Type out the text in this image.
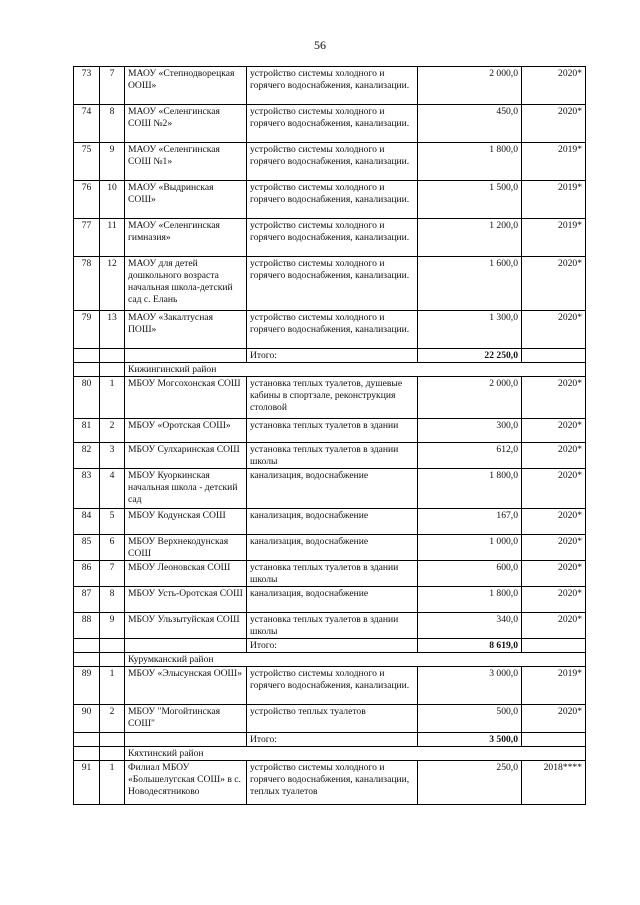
56
73	7	МАОУ «Степнодворецкая ООШ»	устройство системы холодного и горячего водоснабжения, канализации.	2 000,0	2020*
74	8	МАОУ «Селенгинская СОШ №2»	устройство системы холодного и горячего водоснабжения, канализации.	450,0	2020*
75	9	МАОУ «Селенгинская СОШ №1»	устройство системы холодного и горячего водоснабжения, канализации.	1 800,0	2019*
76	10	МАОУ «Выдринская СОШ»	устройство системы холодного и горячего водоснабжения, канализации.	1 500,0	2019*
77	11	МАОУ «Селенгинская гимназия»	устройство системы холодного и горячего водоснабжения, канализации.	1 200,0	2019*
78	12	МАОУ для детей дошкольного возраста начальная школа-детский сад с. Елань	устройство системы холодного и горячего водоснабжения, канализации.	1 600,0	2020*
79	13	МАОУ «Закалтусная ПОШ»	устройство системы холодного и горячего водоснабжения, канализации.	1 300,0	2020*
			Итого:	22 250,0	
		Кижингинский район			
80	1	МБОУ Могсохонская СОШ	установка теплых туалетов, душевые кабины в спортзале, реконструкция столовой	2 000,0	2020*
81	2	МБОУ «Оротская СОШ»	установка теплых туалетов в здании	300,0	2020*
82	3	МБОУ Сулхаринская СОШ	установка теплых туалетов в здании школы	612,0	2020*
83	4	МБОУ Куоркинская начальная школа - детский сад	канализация, водоснабжение	1 800,0	2020*
84	5	МБОУ Кодунская СОШ	канализация, водоснабжение	167,0	2020*
85	6	МБОУ Верхнекодунская СОШ	канализация, водоснабжение	1 000,0	2020*
86	7	МБОУ Леоновская СОШ	установка теплых туалетов в здании школы	600,0	2020*
87	8	МБОУ Усть-Оротская СОШ	канализация, водоснабжение	1 800,0	2020*
88	9	МБОУ Ульзытуйская СОШ	установка теплых туалетов в здании школы	340,0	2020*
			Итого:	8 619,0	
		Курумканский район			
89	1	МБОУ «Элысунская ООШ»	устройство системы холодного и горячего водоснабжения, канализации.	3 000,0	2019*
90	2	МБОУ "Могойтинская СОШ"	устройство теплых туалетов	500,0	2020*
			Итого:	3 500,0	
		Кяхтинский район			
91	1	Филиал МБОУ «Большелугская СОШ» в с. Новодесятниково	устройство системы холодного и горячего водоснабжения, канализации, теплых туалетов	250,0	2018****
